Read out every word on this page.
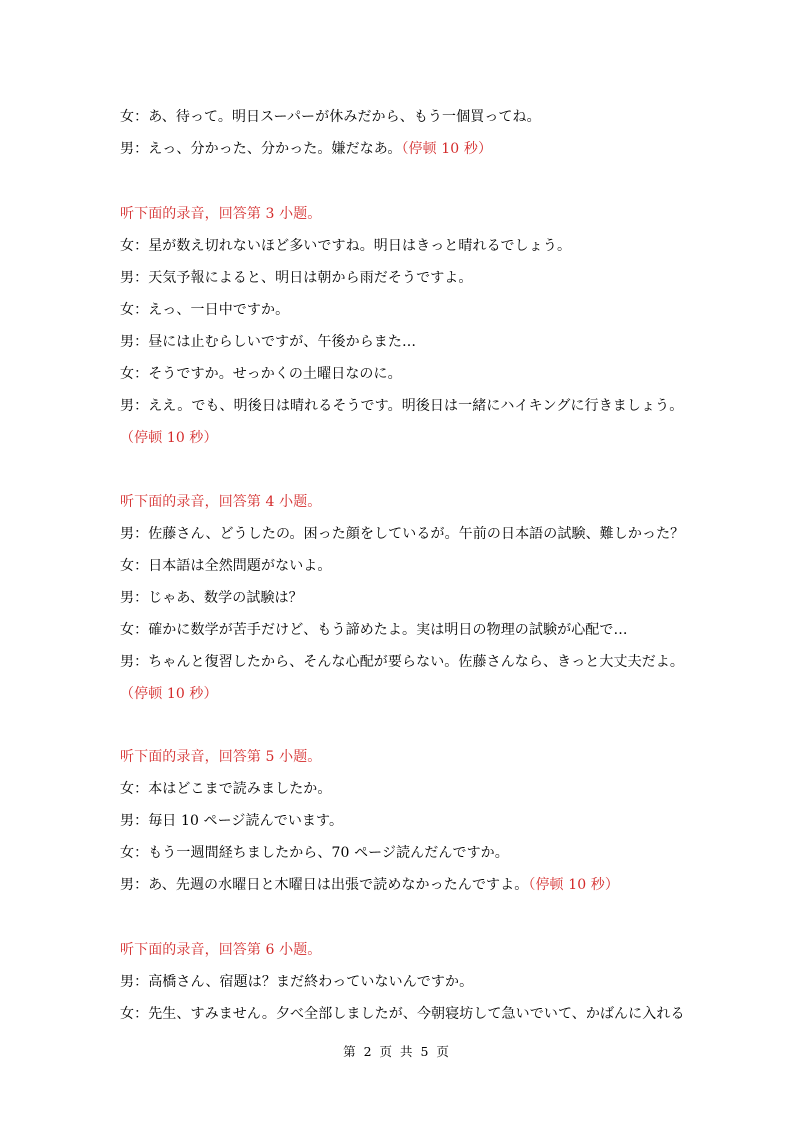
女：あ、待って。明日スーパーが休みだから、もう一個買ってね。
男：えっ、分かった、分かった。嫌だなあ。（停顿 10 秒）
听下面的录音，回答第 3 小题。
女：星が数え切れないほど多いですね。明日はきっと晴れるでしょう。
男：天気予報によると、明日は朝から雨だそうですよ。
女：えっ、一日中ですか。
男：昼には止むらしいですが、午後からまた…
女：そうですか。せっかくの土曜日なのに。
男：ええ。でも、明後日は晴れるそうです。明後日は一緒にハイキングに行きましょう。
（停顿 10 秒）
听下面的录音，回答第 4 小题。
男：佐藤さん、どうしたの。困った顔をしているが。午前の日本語の試験、難しかった？
女：日本語は全然問題がないよ。
男：じゃあ、数学の試験は？
女：確かに数学が苦手だけど、もう諦めたよ。実は明日の物理の試験が心配で…
男：ちゃんと復習したから、そんな心配が要らない。佐藤さんなら、きっと大丈夫だよ。
（停顿 10 秒）
听下面的录音，回答第 5 小题。
女：本はどこまで読みましたか。
男：毎日 10 ページ読んでいます。
女：もう一週間経ちましたから、70 ページ読んだんですか。
男：あ、先週の水曜日と木曜日は出張で読めなかったんですよ。（停顿 10 秒）
听下面的录音，回答第 6 小题。
男：高橋さん、宿題は？まだ終わっていないんですか。
女：先生、すみません。夕べ全部しましたが、今朝寝坊して急いでいて、かばんに入れる
第 2 页 共 5 页
